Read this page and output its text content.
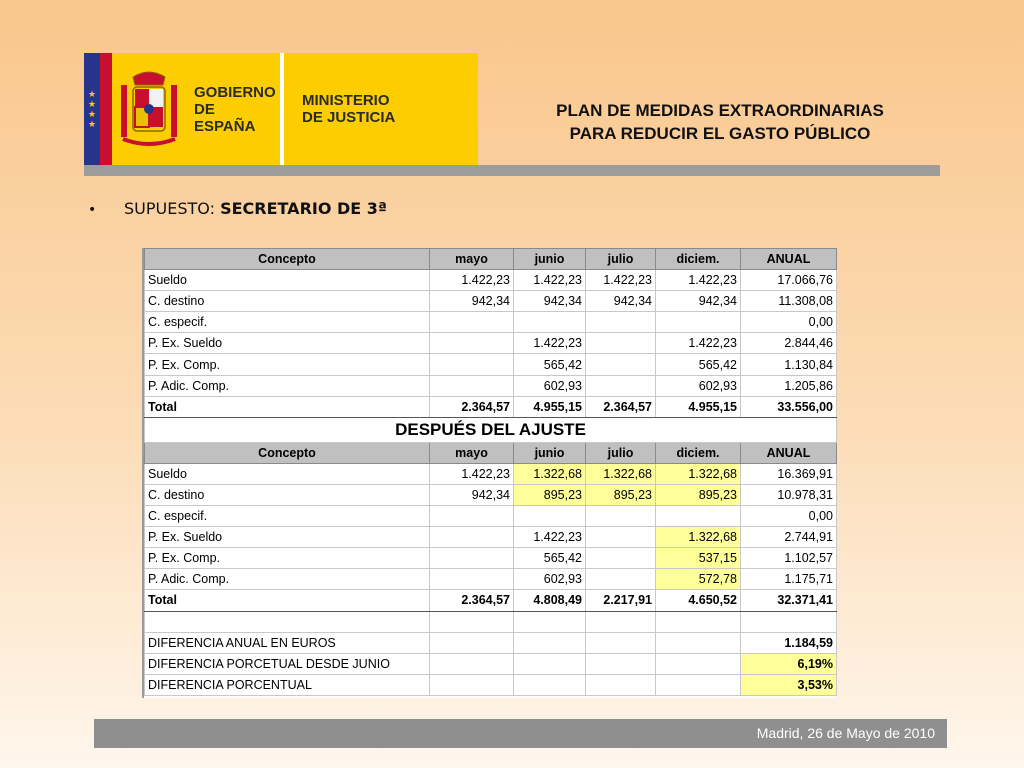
★
★
★
★
GOBIERNO
DE ESPAÑA
MINISTERIO
DE JUSTICIA	PLAN DE MEDIDAS EXTRAORDINARIAS
PARA REDUCIR EL GASTO PÚBLICO
•	SUPUESTO:
SECRETARIO DE 3ª
Concepto	mayo	junio	julio	diciem.	ANUAL
Sueldo	1.422,23	1.422,23	1.422,23	1.422,23	17.066,76
C. destino	942,34	942,34	942,34	942,34	11.308,08
C. especif.					0,00
P. Ex. Sueldo		1.422,23		1.422,23	2.844,46
P. Ex. Comp.		565,42		565,42	1.130,84
P. Adic. Comp.		602,93		602,93	1.205,86
Total	2.364,57	4.955,15	2.364,57	4.955,15	33.556,00
DESPUÉS DEL AJUSTE					
Concepto	mayo	junio	julio	diciem.	ANUAL
Sueldo	1.422,23	1.322,68	1.322,68	1.322,68	16.369,91
C. destino	942,34	895,23	895,23	895,23	10.978,31
C. especif.					0,00
P. Ex. Sueldo		1.422,23		1.322,68	2.744,91
P. Ex. Comp.		565,42		537,15	1.102,57
P. Adic. Comp.		602,93		572,78	1.175,71
Total	2.364,57	4.808,49	2.217,91	4.650,52	32.371,41

DIFERENCIA ANUAL EN EUROS					1.184,59
DIFERENCIA PORCETUAL DESDE JUNIO					6,19%
DIFERENCIA PORCENTUAL					3,53%
Madrid, 26 de Mayo de 2010
